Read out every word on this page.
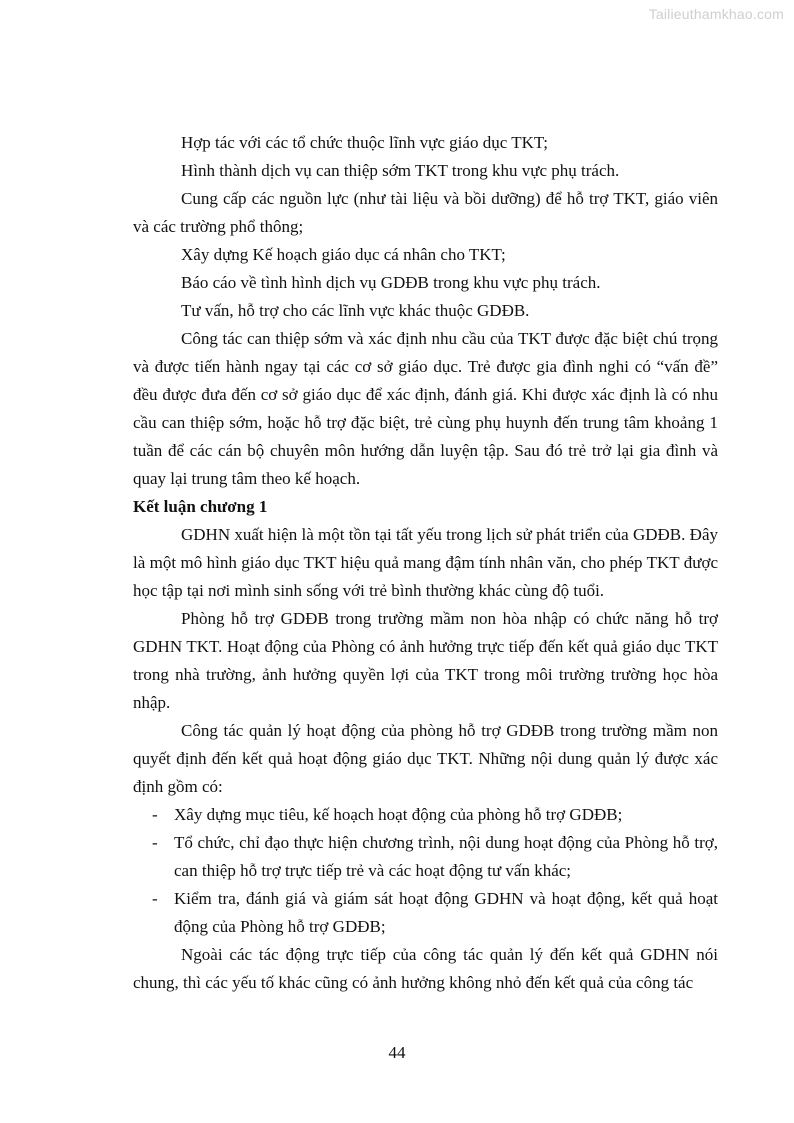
Tailieuthamkhao.com

Hợp tác với các tổ chức thuộc lĩnh vực giáo dục TKT;

Hình thành dịch vụ can thiệp sớm TKT trong khu vực phụ trách.

Cung cấp các nguồn lực (như tài liệu và bồi dưỡng) để hỗ trợ TKT, giáo viên và các trường phổ thông;

Xây dựng Kế hoạch giáo dục cá nhân cho TKT;

Báo cáo về tình hình dịch vụ GDĐB trong khu vực phụ trách.

Tư vấn, hỗ trợ cho các lĩnh vực khác thuộc GDĐB.

Công tác can thiệp sớm và xác định nhu cầu của TKT được đặc biệt chú trọng và được tiến hành ngay tại các cơ sở giáo dục. Trẻ được gia đình nghi có “vấn đề” đều được đưa đến cơ sở giáo dục để xác định, đánh giá. Khi được xác định là có nhu cầu can thiệp sớm, hoặc hỗ trợ đặc biệt, trẻ cùng phụ huynh đến trung tâm khoảng 1 tuần để các cán bộ chuyên môn hướng dẫn luyện tập. Sau đó trẻ trở lại gia đình và quay lại trung tâm theo kế hoạch.

Kết luận chương 1

GDHN xuất hiện là một tồn tại tất yếu trong lịch sử phát triển của GDĐB. Đây là một mô hình giáo dục TKT hiệu quả mang đậm tính nhân văn, cho phép TKT được học tập tại nơi mình sinh sống với trẻ bình thường khác cùng độ tuổi.

Phòng hỗ trợ GDĐB trong trường mầm non hòa nhập có chức năng hỗ trợ GDHN TKT. Hoạt động của Phòng có ảnh hưởng trực tiếp đến kết quả giáo dục TKT trong nhà trường, ảnh hưởng quyền lợi của TKT trong môi trường trường học hòa nhập.

Công tác quản lý hoạt động của phòng hỗ trợ GDĐB trong trường mầm non quyết định đến kết quả hoạt động giáo dục TKT. Những nội dung quản lý được xác định gồm có:

- Xây dựng mục tiêu, kế hoạch hoạt động của phòng hỗ trợ GDĐB;
- Tổ chức, chỉ đạo thực hiện chương trình, nội dung hoạt động của Phòng hỗ trợ, can thiệp hỗ trợ trực tiếp trẻ và các hoạt động tư vấn khác;
- Kiểm tra, đánh giá và giám sát hoạt động GDHN và hoạt động, kết quả hoạt động của Phòng hỗ trợ GDĐB;

Ngoài các tác động trực tiếp của công tác quản lý đến kết quả GDHN nói chung, thì các yếu tố khác cũng có ảnh hưởng không nhỏ đến kết quả của công tác

44
